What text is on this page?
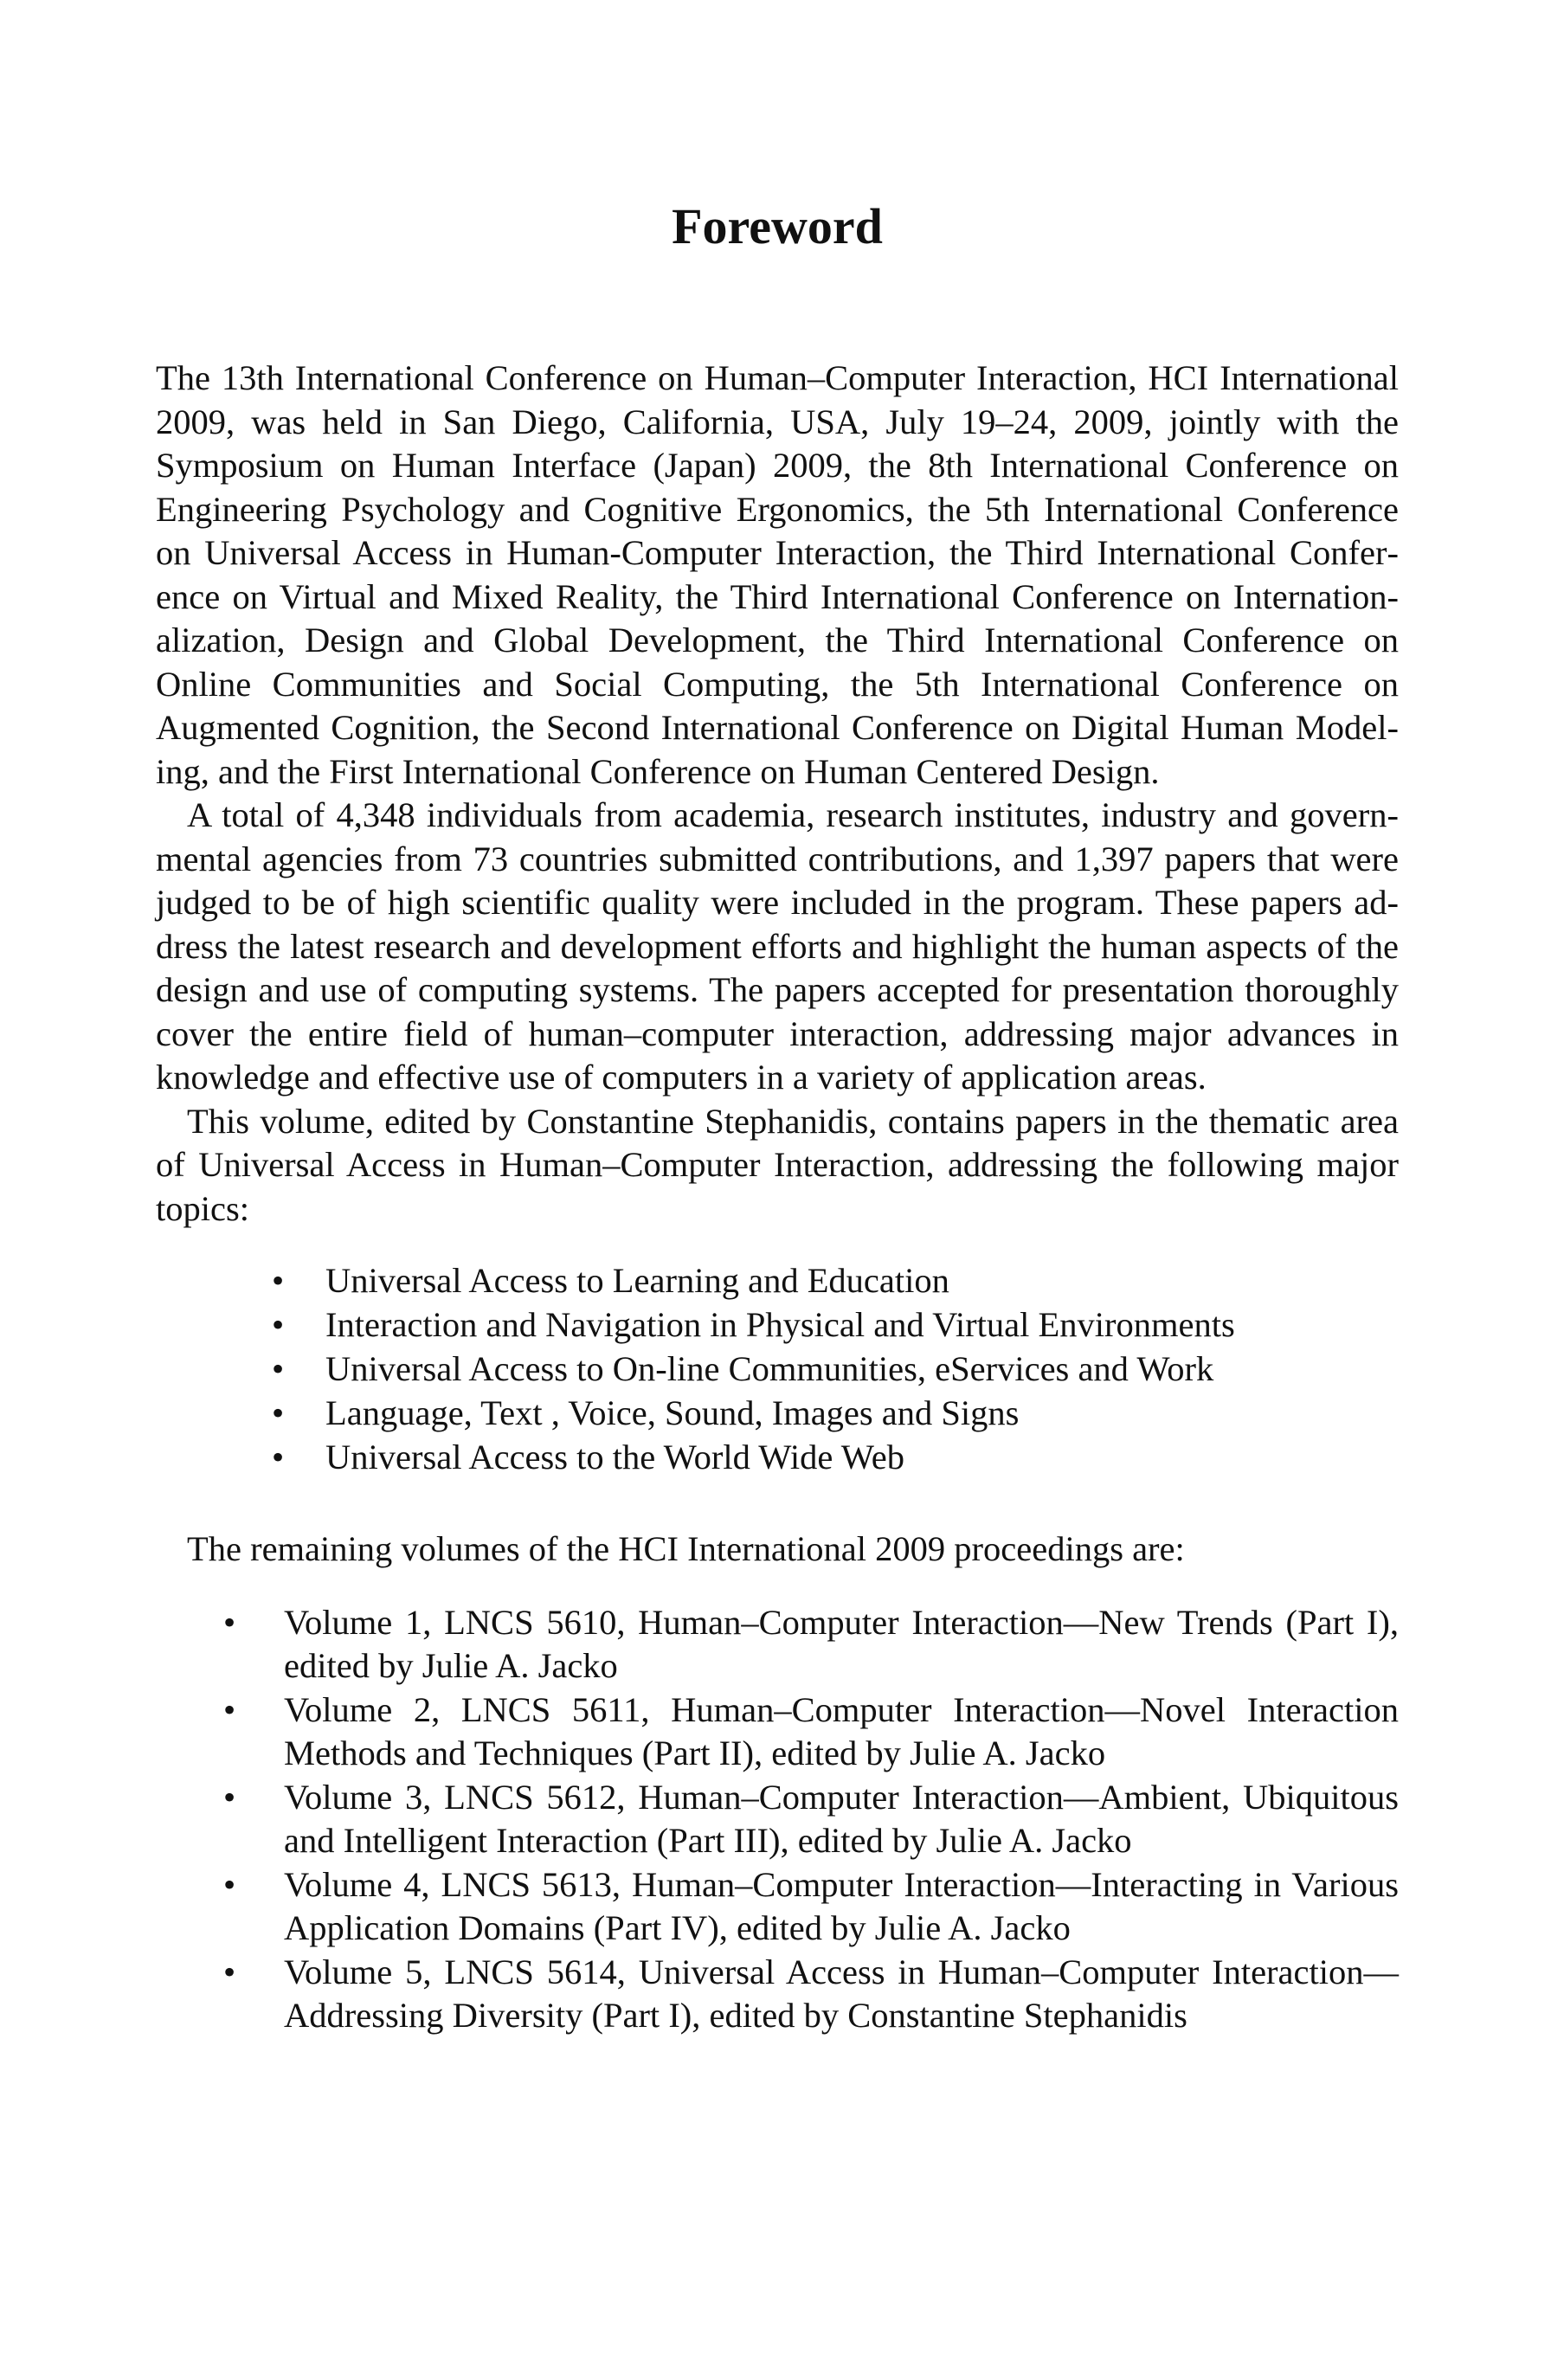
Foreword

The 13th International Conference on Human–Computer Interaction, HCI International 2009, was held in San Diego, California, USA, July 19–24, 2009, jointly with the Symposium on Human Interface (Japan) 2009, the 8th International Conference on Engineering Psychology and Cognitive Ergonomics, the 5th International Conference on Universal Access in Human-Computer Interaction, the Third International Conference on Virtual and Mixed Reality, the Third International Conference on Internationalization, Design and Global Development, the Third International Conference on Online Communities and Social Computing, the 5th International Conference on Augmented Cognition, the Second International Conference on Digital Human Modeling, and the First International Conference on Human Centered Design.

A total of 4,348 individuals from academia, research institutes, industry and governmental agencies from 73 countries submitted contributions, and 1,397 papers that were judged to be of high scientific quality were included in the program. These papers address the latest research and development efforts and highlight the human aspects of the design and use of computing systems. The papers accepted for presentation thoroughly cover the entire field of human–computer interaction, addressing major advances in knowledge and effective use of computers in a variety of application areas.

This volume, edited by Constantine Stephanidis, contains papers in the thematic area of Universal Access in Human–Computer Interaction, addressing the following major topics:

• Universal Access to Learning and Education
• Interaction and Navigation in Physical and Virtual Environments
• Universal Access to On-line Communities, eServices and Work
• Language, Text , Voice, Sound, Images and Signs
• Universal Access to the World Wide Web

The remaining volumes of the HCI International 2009 proceedings are:

• Volume 1, LNCS 5610, Human–Computer Interaction—New Trends (Part I), edited by Julie A. Jacko
• Volume 2, LNCS 5611, Human–Computer Interaction—Novel Interaction Methods and Techniques (Part II), edited by Julie A. Jacko
• Volume 3, LNCS 5612, Human–Computer Interaction—Ambient, Ubiquitous and Intelligent Interaction (Part III), edited by Julie A. Jacko
• Volume 4, LNCS 5613, Human–Computer Interaction—Interacting in Various Application Domains (Part IV), edited by Julie A. Jacko
• Volume 5, LNCS 5614, Universal Access in Human–Computer Interaction—Addressing Diversity (Part I), edited by Constantine Stephanidis
